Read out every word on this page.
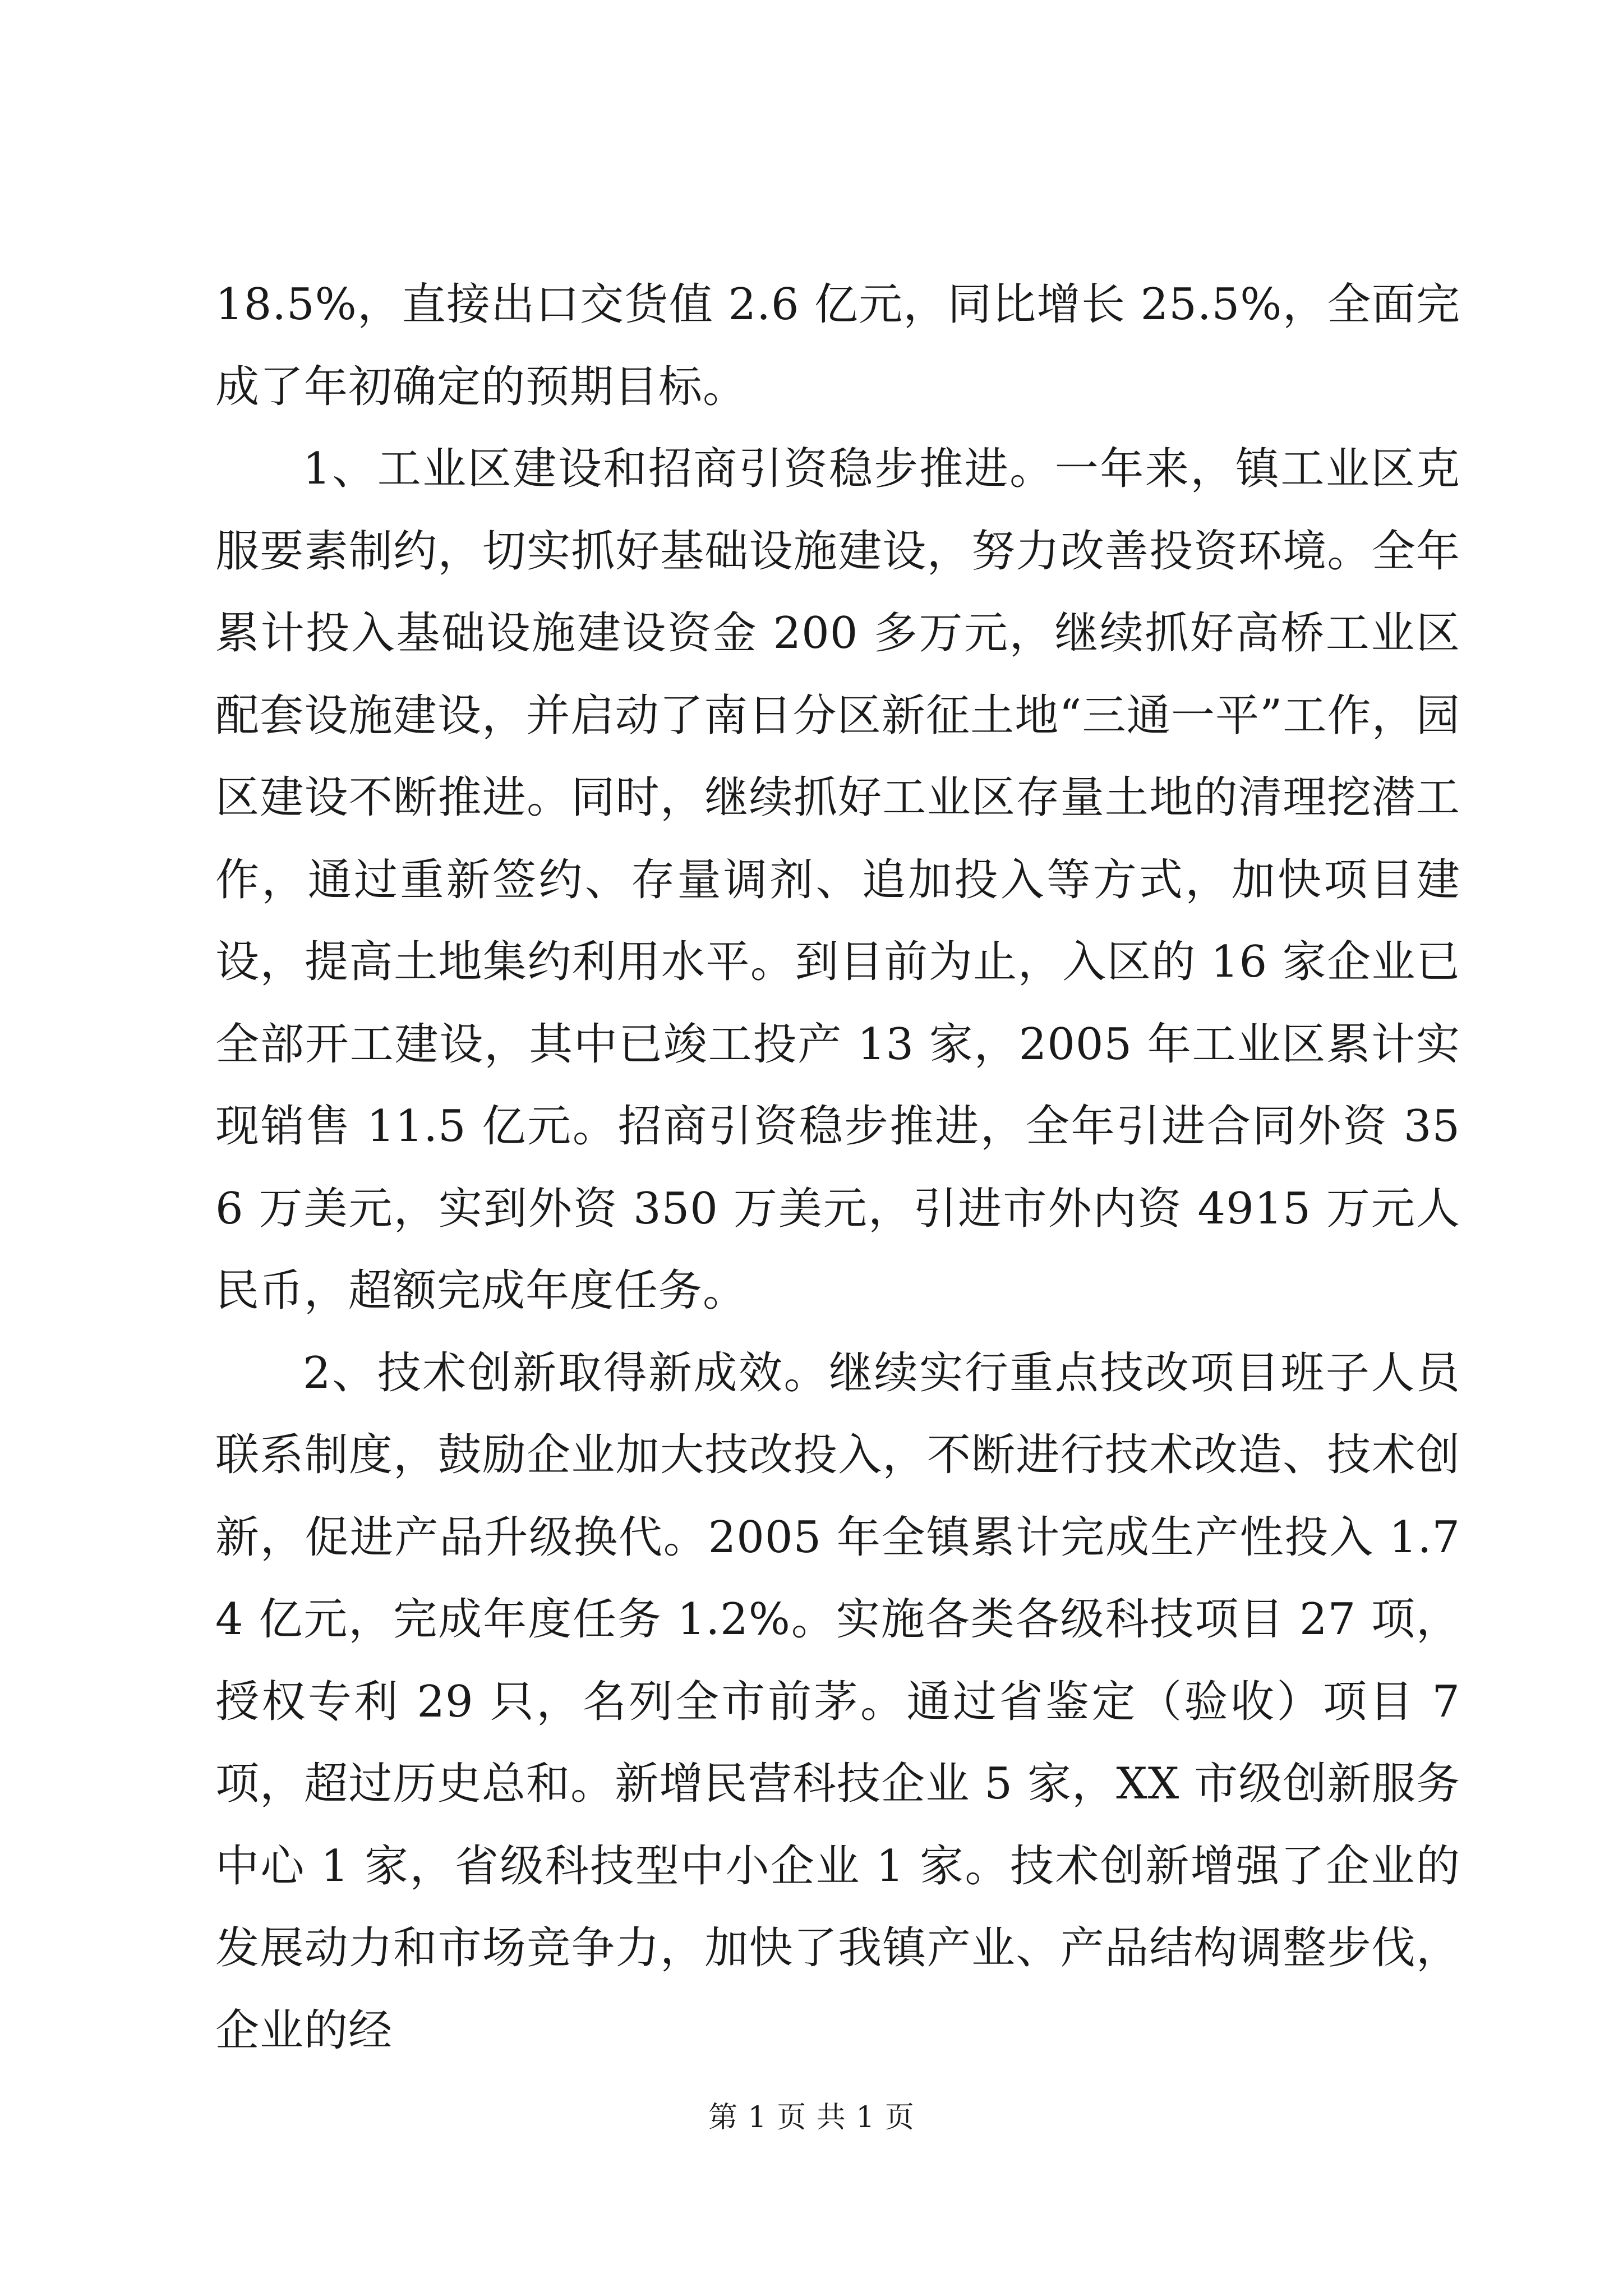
18.5%，直接出口交货值 2.6 亿元，同比增长 25.5%，全面完成了年初确定的预期目标。

1、工业区建设和招商引资稳步推进。一年来，镇工业区克服要素制约，切实抓好基础设施建设，努力改善投资环境。全年累计投入基础设施建设资金 200 多万元，继续抓好高桥工业区配套设施建设，并启动了南日分区新征土地“三通一平”工作，园区建设不断推进。同时，继续抓好工业区存量土地的清理挖潜工作，通过重新签约、存量调剂、追加投入等方式，加快项目建设，提高土地集约利用水平。到目前为止，入区的 16 家企业已全部开工建设，其中已竣工投产 13 家，2005 年工业区累计实现销售 11.5 亿元。招商引资稳步推进，全年引进合同外资 356 万美元，实到外资 350 万美元，引进市外内资 4915 万元人民币，超额完成年度任务。

2、技术创新取得新成效。继续实行重点技改项目班子人员联系制度，鼓励企业加大技改投入，不断进行技术改造、技术创新，促进产品升级换代。2005 年全镇累计完成生产性投入 1.74 亿元，完成年度任务 1.2%。实施各类各级科技项目 27 项，授权专利 29 只，名列全市前茅。通过省鉴定（验收）项目 7 项，超过历史总和。新增民营科技企业 5 家，XX 市级创新服务中心 1 家，省级科技型中小企业 1 家。技术创新增强了企业的发展动力和市场竞争力，加快了我镇产业、产品结构调整步伐，企业的经

第 1 页 共 1 页
